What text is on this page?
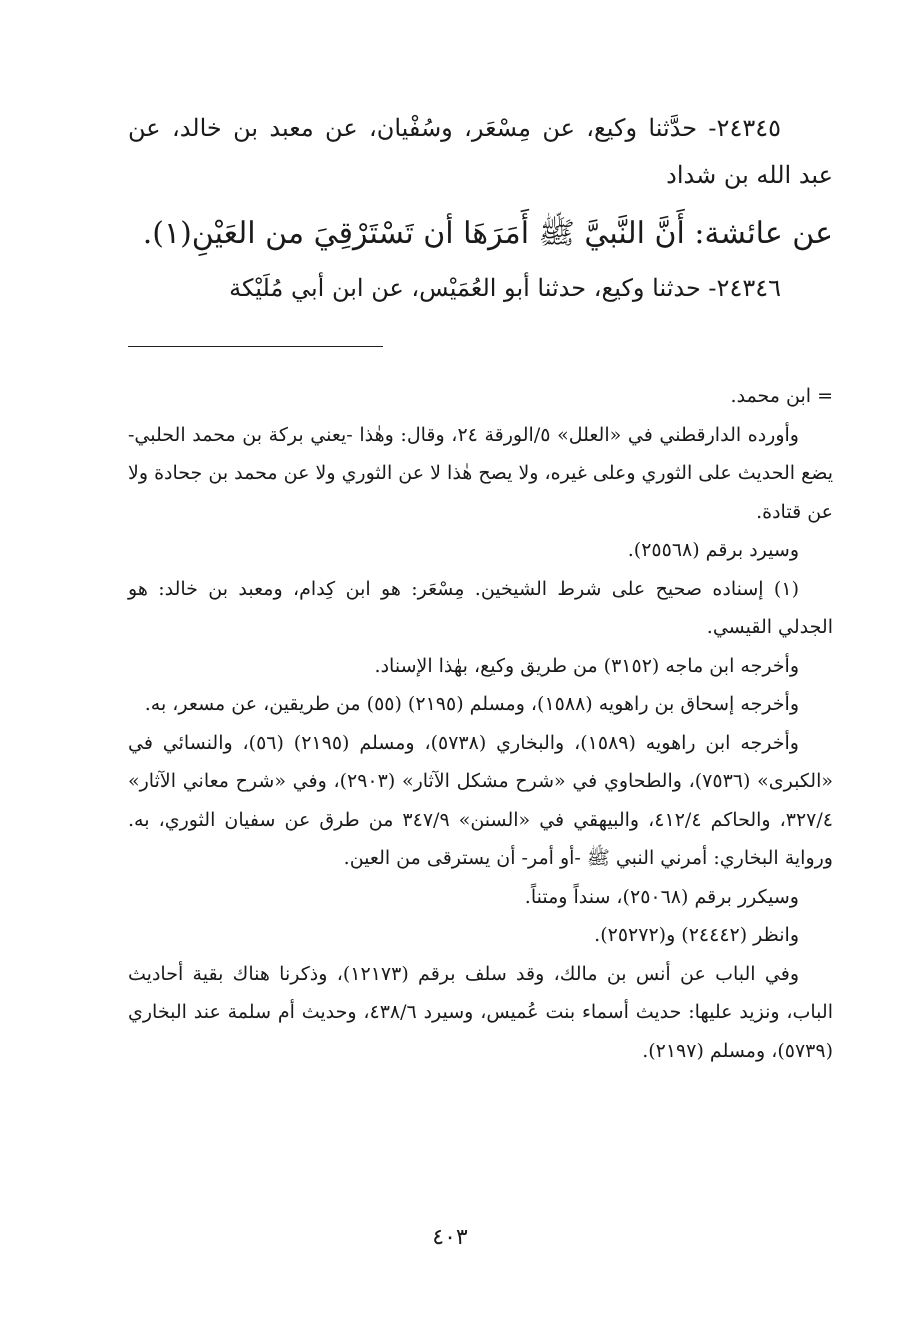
٢٤٣٤٥- حدَّثنا وكيع، عن مِسْعَر، وسُفْيان، عن معبد بن خالد، عن عبد الله بن شداد

عن عائشة: أَنَّ النَّبيَّ ﷺ أَمَرَهَا أن تَسْتَرْقِيَ من العَيْنِ(١).

٢٤٣٤٦- حدثنا وكيع، حدثنا أبو العُمَيْس، عن ابن أبي مُلَيْكة

= ابن محمد.

وأورده الدارقطني في «العلل» ٥/الورقة ٢٤، وقال: وهٰذا -يعني بركة بن محمد الحلبي- يضع الحديث على الثوري وعلى غيره، ولا يصح هٰذا لا عن الثوري ولا عن محمد بن جحادة ولا عن قتادة.

وسيرد برقم (٢٥٥٦٨).

(١) إسناده صحيح على شرط الشيخين. مِسْعَر: هو ابن كِدام، ومعبد بن خالد: هو الجدلي القيسي.

وأخرجه ابن ماجه (٣١٥٢) من طريق وكيع، بهٰذا الإسناد.

وأخرجه إسحاق بن راهويه (١٥٨٨)، ومسلم (٢١٩٥) (٥٥) من طريقين، عن مسعر، به.

وأخرجه ابن راهويه (١٥٨٩)، والبخاري (٥٧٣٨)، ومسلم (٢١٩٥) (٥٦)، والنسائي في «الكبرى» (٧٥٣٦)، والطحاوي في «شرح مشكل الآثار» (٢٩٠٣)، وفي «شرح معاني الآثار» ٣٢٧/٤، والحاكم ٤١٢/٤، والبيهقي في «السنن» ٣٤٧/٩ من طرق عن سفيان الثوري، به. ورواية البخاري: أمرني النبي ﷺ -أو أمر- أن يسترقى من العين.

وسيكرر برقم (٢٥٠٦٨)، سنداً ومتناً.

وانظر (٢٤٤٤٢) و(٢٥٢٧٢).

وفي الباب عن أنس بن مالك، وقد سلف برقم (١٢١٧٣)، وذكرنا هناك بقية أحاديث الباب، ونزيد عليها: حديث أسماء بنت عُميس، وسيرد ٤٣٨/٦، وحديث أم سلمة عند البخاري (٥٧٣٩)، ومسلم (٢١٩٧).

٤٠٣
